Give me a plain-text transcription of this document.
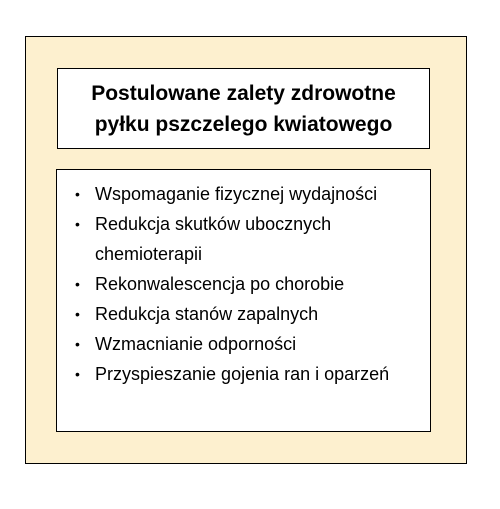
Postulowane zalety zdrowotne
pyłku pszczelego kwiatowego
• Wspomaganie fizycznej wydajności
• Redukcja skutków ubocznych chemioterapii
• Rekonwalescencja po chorobie
• Redukcja stanów zapalnych
• Wzmacnianie odporności
• Przyspieszanie gojenia ran i oparzeń
